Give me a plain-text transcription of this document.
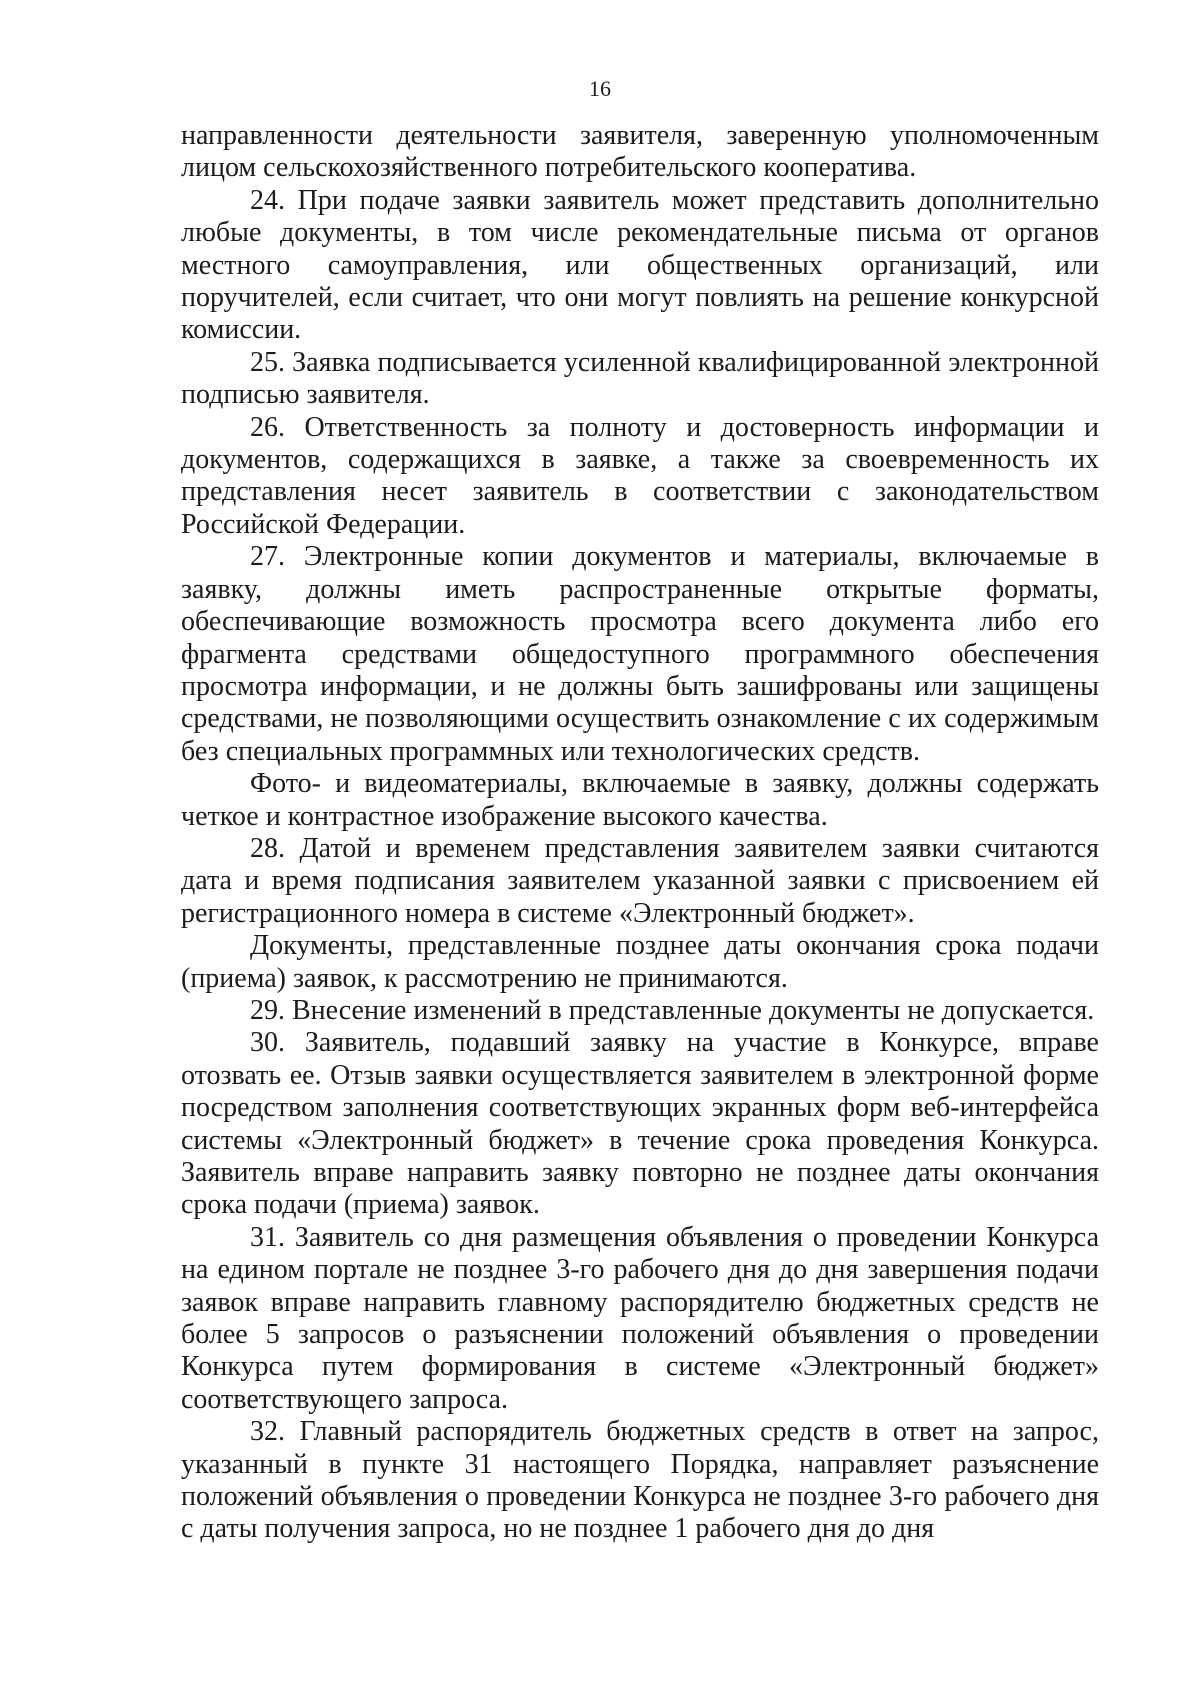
16

направленности деятельности заявителя, заверенную уполномоченным лицом сельскохозяйственного потребительского кооператива.

24. При подаче заявки заявитель может представить дополнительно любые документы, в том числе рекомендательные письма от органов местного самоуправления, или общественных организаций, или поручителей, если считает, что они могут повлиять на решение конкурсной комиссии.

25. Заявка подписывается усиленной квалифицированной электронной подписью заявителя.

26. Ответственность за полноту и достоверность информации и документов, содержащихся в заявке, а также за своевременность их представления несет заявитель в соответствии с законодательством Российской Федерации.

27. Электронные копии документов и материалы, включаемые в заявку, должны иметь распространенные открытые форматы, обеспечивающие возможность просмотра всего документа либо его фрагмента средствами общедоступного программного обеспечения просмотра информации, и не должны быть зашифрованы или защищены средствами, не позволяющими осуществить ознакомление с их содержимым без специальных программных или технологических средств.

Фото- и видеоматериалы, включаемые в заявку, должны содержать четкое и контрастное изображение высокого качества.

28. Датой и временем представления заявителем заявки считаются дата и время подписания заявителем указанной заявки с присвоением ей регистрационного номера в системе «Электронный бюджет».

Документы, представленные позднее даты окончания срока подачи (приема) заявок, к рассмотрению не принимаются.

29. Внесение изменений в представленные документы не допускается.

30. Заявитель, подавший заявку на участие в Конкурсе, вправе отозвать ее. Отзыв заявки осуществляется заявителем в электронной форме посредством заполнения соответствующих экранных форм веб-интерфейса системы «Электронный бюджет» в течение срока проведения Конкурса. Заявитель вправе направить заявку повторно не позднее даты окончания срока подачи (приема) заявок.

31. Заявитель со дня размещения объявления о проведении Конкурса на едином портале не позднее 3-го рабочего дня до дня завершения подачи заявок вправе направить главному распорядителю бюджетных средств не более 5 запросов о разъяснении положений объявления о проведении Конкурса путем формирования в системе «Электронный бюджет» соответствующего запроса.

32. Главный распорядитель бюджетных средств в ответ на запрос, указанный в пункте 31 настоящего Порядка, направляет разъяснение положений объявления о проведении Конкурса не позднее 3-го рабочего дня с даты получения запроса, но не позднее 1 рабочего дня до дня
